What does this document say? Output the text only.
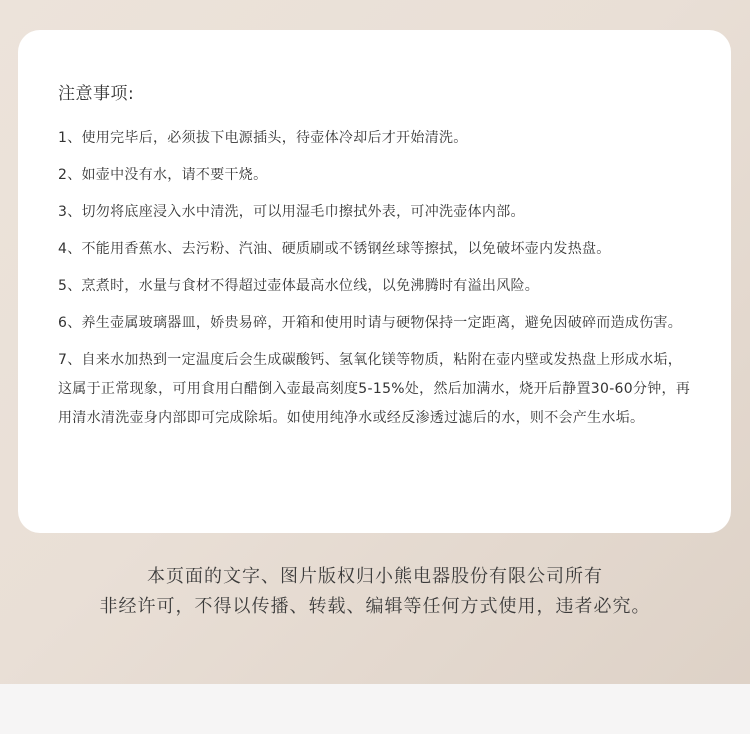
注意事项:
1、使用完毕后，必须拔下电源插头，待壶体冷却后才开始清洗。
2、如壶中没有水，请不要干烧。
3、切勿将底座浸入水中清洗，可以用湿毛巾擦拭外表，可冲洗壶体内部。
4、不能用香蕉水、去污粉、汽油、硬质刷或不锈钢丝球等擦拭，以免破坏壶内发热盘。
5、烹煮时，水量与食材不得超过壶体最高水位线，以免沸腾时有溢出风险。
6、养生壶属玻璃器皿，娇贵易碎，开箱和使用时请与硬物保持一定距离，避免因破碎而造成伤害。
7、自来水加热到一定温度后会生成碳酸钙、氢氧化镁等物质，粘附在壶内壁或发热盘上形成水垢，这属于正常现象，可用食用白醋倒入壶最高刻度5-15%处，然后加满水，烧开后静置30-60分钟，再用清水清洗壶身内部即可完成除垢。如使用纯净水或经反渗透过滤后的水，则不会产生水垢。

本页面的文字、图片版权归小熊电器股份有限公司所有

非经许可，不得以传播、转载、编辑等任何方式使用，违者必究。
